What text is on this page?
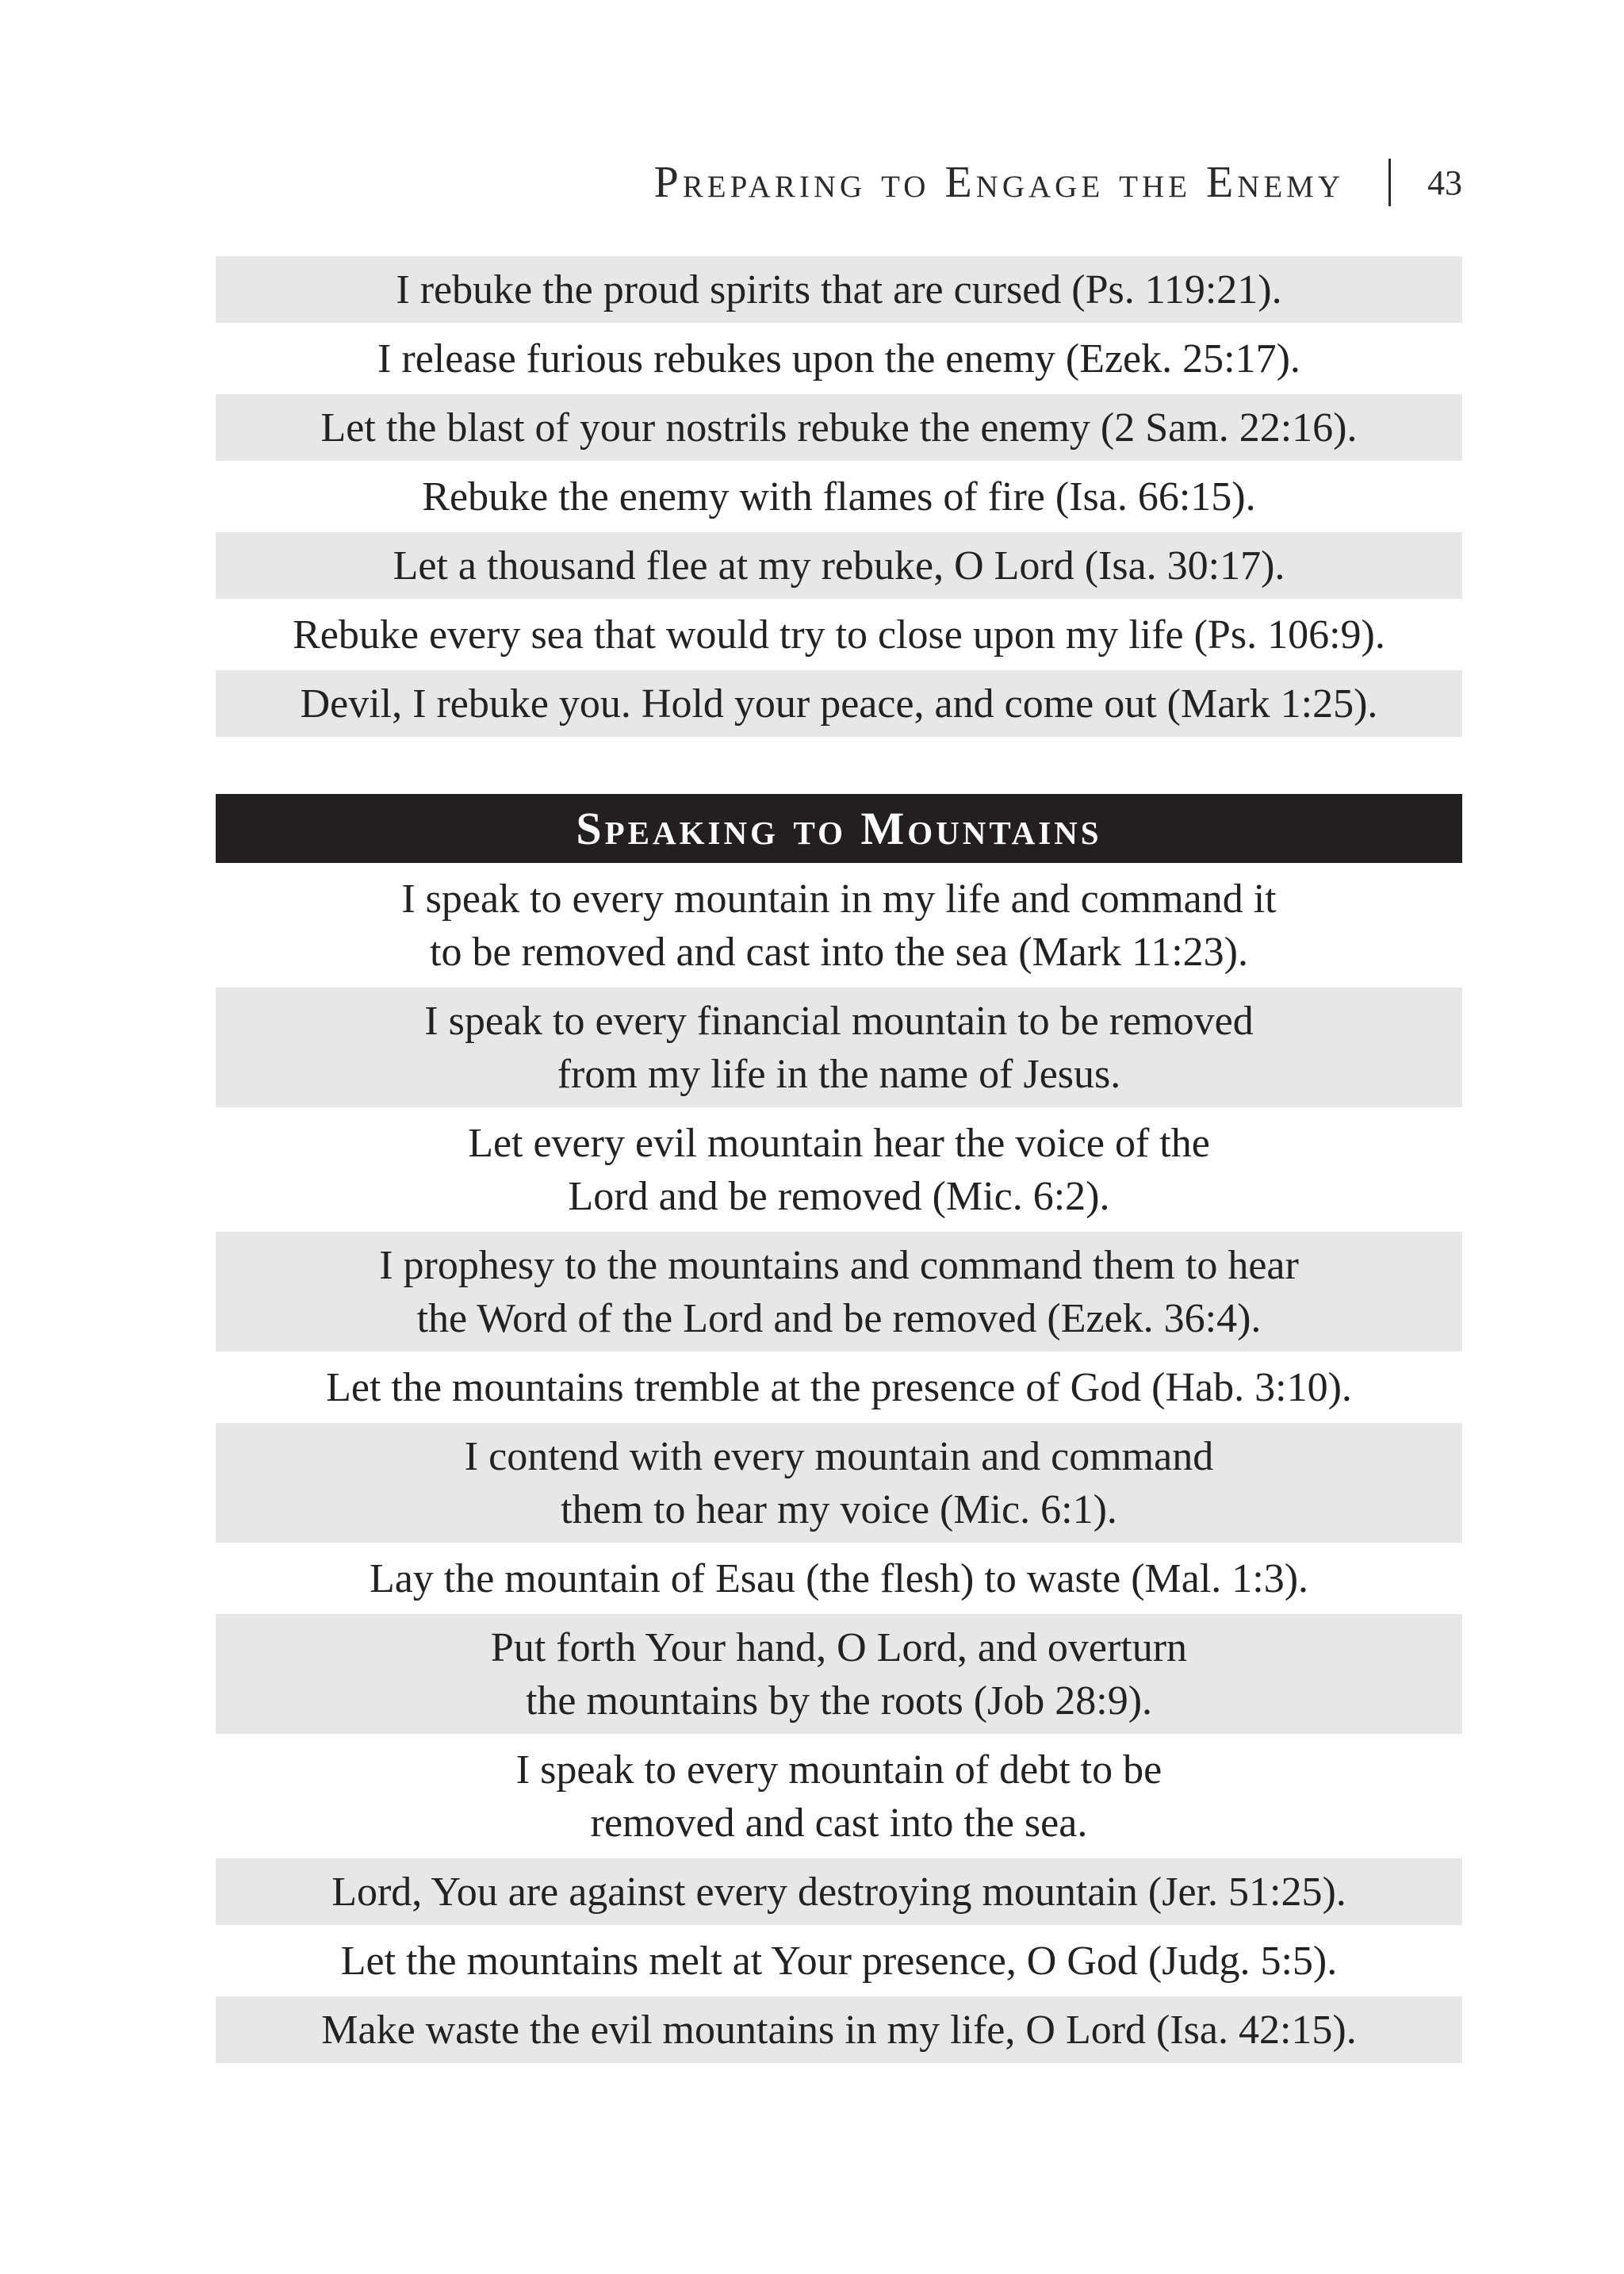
Preparing to Engage the Enemy 43
I rebuke the proud spirits that are cursed (Ps. 119:21).
I release furious rebukes upon the enemy (Ezek. 25:17).
Let the blast of your nostrils rebuke the enemy (2 Sam. 22:16).
Rebuke the enemy with flames of fire (Isa. 66:15).
Let a thousand flee at my rebuke, O Lord (Isa. 30:17).
Rebuke every sea that would try to close upon my life (Ps. 106:9).
Devil, I rebuke you. Hold your peace, and come out (Mark 1:25).
Speaking to Mountains
I speak to every mountain in my life and command it
to be removed and cast into the sea (Mark 11:23).
I speak to every financial mountain to be removed
from my life in the name of Jesus.
Let every evil mountain hear the voice of the
Lord and be removed (Mic. 6:2).
I prophesy to the mountains and command them to hear
the Word of the Lord and be removed (Ezek. 36:4).
Let the mountains tremble at the presence of God (Hab. 3:10).
I contend with every mountain and command
them to hear my voice (Mic. 6:1).
Lay the mountain of Esau (the flesh) to waste (Mal. 1:3).
Put forth Your hand, O Lord, and overturn
the mountains by the roots (Job 28:9).
I speak to every mountain of debt to be
removed and cast into the sea.
Lord, You are against every destroying mountain (Jer. 51:25).
Let the mountains melt at Your presence, O God (Judg. 5:5).
Make waste the evil mountains in my life, O Lord (Isa. 42:15).
